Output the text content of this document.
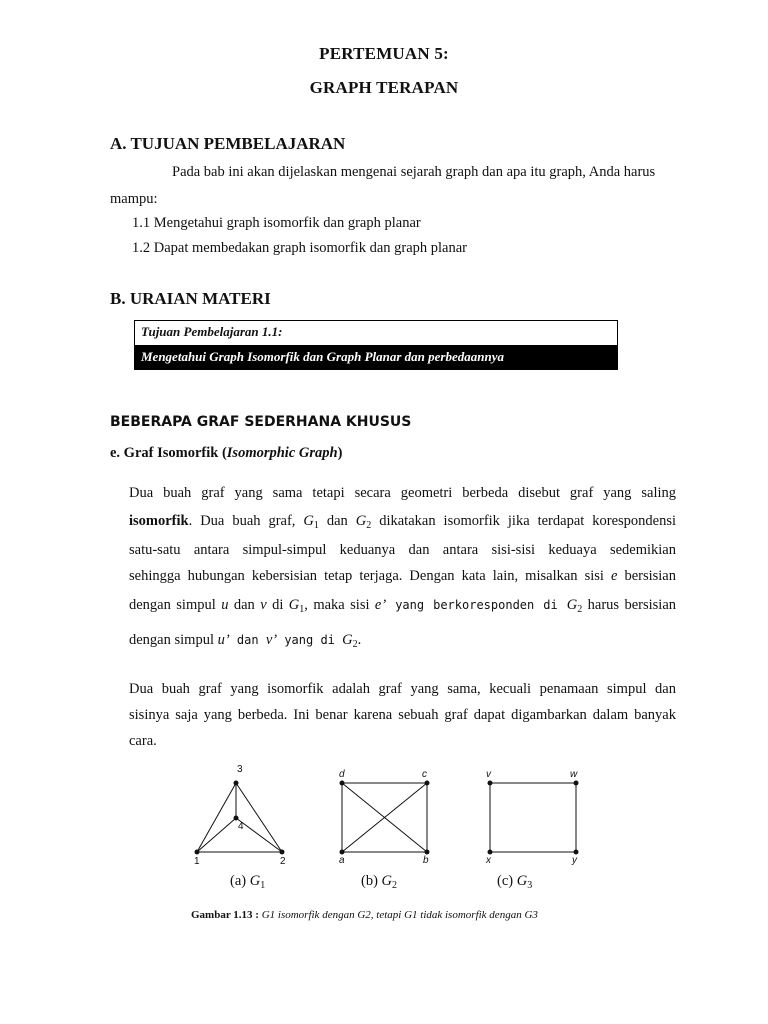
PERTEMUAN 5:
GRAPH TERAPAN
A. TUJUAN PEMBELAJARAN
Pada bab ini akan dijelaskan mengenai sejarah graph dan apa itu graph, Anda harus
mampu:
1.1 Mengetahui graph isomorfik dan graph planar
1.2 Dapat membedakan graph isomorfik dan graph planar
B. URAIAN MATERI
Tujuan Pembelajaran 1.1:
Mengetahui Graph Isomorfik dan Graph Planar dan perbedaannya
BEBERAPA GRAF SEDERHANA KHUSUS
e. Graf Isomorfik (Isomorphic Graph)
Dua buah graf yang sama tetapi secara geometri berbeda disebut graf yang saling
isomorfik. Dua buah graf, $G_1$ dan $G_2$ dikatakan isomorfik jika terdapat korespondensi
satu-satu antara simpul-simpul keduanya dan antara sisi-sisi keduaya sedemikian
sehingga hubungan kebersisian tetap terjaga. Dengan kata lain, misalkan sisi e bersisian
dengan simpul u dan v di $G_1$, maka sisi e’ yang berkoresponden di $G_2$ harus bersisian
dengan simpul u’ dan v’ yang di $G_2$.
Dua buah graf yang isomorfik adalah graf yang sama, kecuali penamaan simpul dan
sisinya saja yang berbeda. Ini benar karena sebuah graf dapat digambarkan dalam banyak
cara.
3
4
1	2
d	c
a	b
v	w
x	y
(a) $G_1$	(b) $G_2$	(c) $G_3$
Gambar 1.13 : G1 isomorfik dengan G2, tetapi G1 tidak isomorfik dengan G3
